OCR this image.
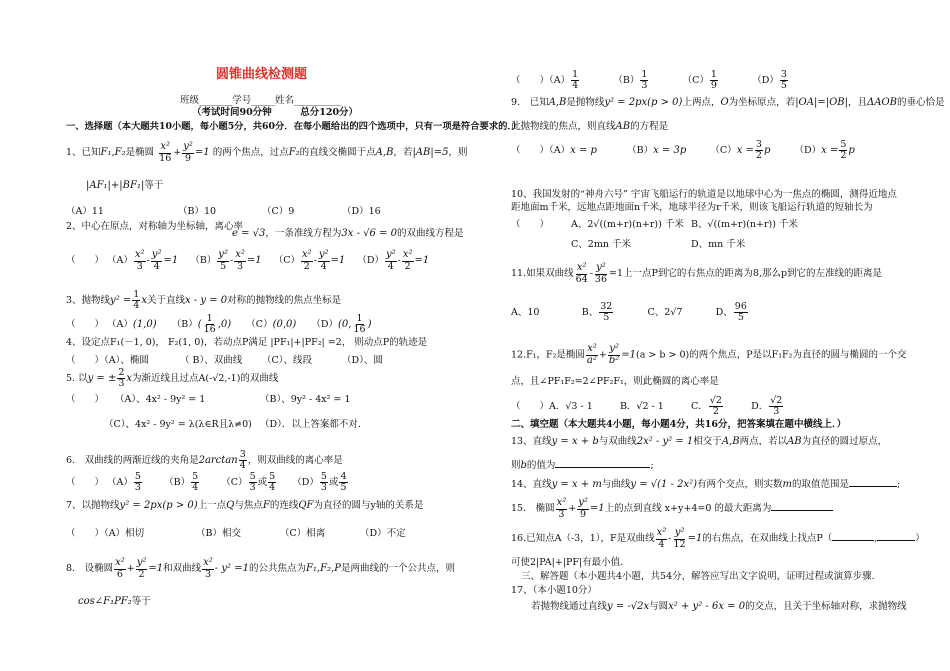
圆锥曲线检测题
班级_______学号_____姓名__________
（考试时间90分钟　　　总分120分）
一、选择题（本大题共10小题，每小题5分，共60分．在每小题给出的四个选项中，只有一项是符合要求的．）
1、已知F₁,F₂是椭圆 $\frac{\text{x²}}{16} + \frac{\text{y²}}{9} =1$ 的两个焦点，过点F₂的直线交椭圆于点A,B，若|AB|=5，则
|AF₁|+|BF₁|等于
（A）11	（B）10	（C）9	（D）16
2、中心在原点，对称轴为坐标轴，离心率
e = √3，一条准线方程为3x - √6 = 0的双曲线方程是
（　　） $(A) \frac{\text{x²}}{3} - \frac{\text{y²}}{4} =1$ $(B) \frac{\text{y²}}{5} - \frac{\text{x²}}{3} =1$ $(C) \frac{\text{x²}}{2} - \frac{\text{y²}}{4} =1$ $(D) \frac{\text{y²}}{4} - \frac{\text{x²}}{2} =1$
3、抛物线$y^2 = \frac{1}{4}$ x关于直线x - y = 0对称的抛物线的焦点坐标是
（　　） （A）(1,0) $(B)( \frac{1}{16} ,0)$ （C）(0,0) （D）(0, $\frac{1}{16}$ )
4、设定点F₁(－1, 0)， F₂(1, 0)，若动点P满足 |PF₁|+|PF₂| =2， 则动点P的轨迹是
（　　）（A）、椭圆	（ B）、双曲线 （C）、线段	（D）、圆
5. 以y = ± $\frac{2}{3}$ x为渐近线且过点A(-√2,-1)的双曲线
（　　） （A）、4x² - 9y² = 1	（B）、9y² - 4x² = 1
（C）、4x² - 9y² = λ(λ∈R且λ≠0) （D）．以上答案都不对.
6.　双曲线的两渐近线的夹角是$2\arctan \frac{3}{4}$ ，则双曲线的离心率是
（　　） $(A) \frac{5}{3} (B) \frac{5}{4} (C) \frac{5}{3}$ 或 $\frac{5}{4} (D) \frac{5}{3}$ 或 $\frac{4}{5}$
7、以抛物线y² = 2px(p > 0)上一点Q与焦点F的连线QF为直径的圆与y轴的关系是
（　　）（A）相切	（B）相交	（C）相离	（D）不定
8.　设椭圆 $\frac{\text{x²}}{6} + \frac{\text{y²}}{2} =1$和双曲线 $\frac{\text{x²}}{3} - y^2 =1$的公共焦点为F₁,F₂,P是两曲线的一个公共点，则
cos∠F₁PF₂等于
（　　）$(A) \frac{1}{4}$	$(B) \frac{1}{3}$	$(C) \frac{1}{9}$	$(D) \frac{3}{5}$
9.　已知A,B是抛物线y² = 2px(p > 0)上两点，O为坐标原点，若|OA|=|OB|，且ΔAOB的垂心恰是
此抛物线的焦点，则直线AB的方程是
（　　）（A）x = p	（B）x = 3p	$(C)x = \frac{3}{2}$ p	$(D)x = \frac{5}{2}$ p
10、我国发射的“神舟六号” 宇宙飞船运行的轨道是以地球中心为一焦点的椭圆，测得近地点
距地面m千米，远地点距地面n千米，地球半径为r千米，则该飞船运行轨道的短轴长为
（　　） A、2√((m+r)(n+r)) 千米 B、√((m+r)(n+r)) 千米
C、2mn 千米	D、mn 千米
11.如果双曲线 $\frac{\text{x²}}{64} - \frac{\text{y²}}{36} =1$上一点P到它的右焦点的距离为8,那么p到它的左准线的距离是
A、10	B、 $\frac{32}{5}$	C、2√7	D、 $\frac{96}{5}$
12.F₁，F₂是椭圆 $\frac{\text{x²}}{\text{a²}} + \frac{\text{y²}}{\text{b²}} =1(a > b > 0)$的两个焦点，P是以F₁F₂为直径的圆与椭圆的一个交
点，且∠PF₁F₂=2∠PF₂F₁，则此椭圆的离心率是
（　　）A．√3 - 1	B．√2 - 1	C． $\frac{√2}{2}$	D． $\frac{√2}{3}$
二、填空题（本大题共4小题，每小题4分，共16分，把答案填在题中横线上．）
13、直线y = x + b与双曲线2x² - y² = 1相交于A,B两点，若以AB为直径的圆过原点，
则b的值为	;
14、直线y = x + m与曲线y = √(1 - 2x²)有两个交点，则实数m的取值范围是	;
15.　椭圆 $\frac{\text{x²}}{3} + \frac{\text{y²}}{9} =1$上的点到直线 x+y+4=0 的最大距离为
16.已知点A（-3，1），F是双曲线 $\frac{\text{x²}}{4} - \frac{\text{y²}}{12} =1$的右焦点，在双曲线上找点P（	,	）
可使2|PA|+|PF|有最小值.
三、解答题（本小题共4小题，共54分，解答应写出文字说明，证明过程或演算步骤.
17、（本小题10分）
若抛物线通过直线y = -√2x与圆x² + y² - 6x = 0的交点，且关于坐标轴对称，求抛物线
